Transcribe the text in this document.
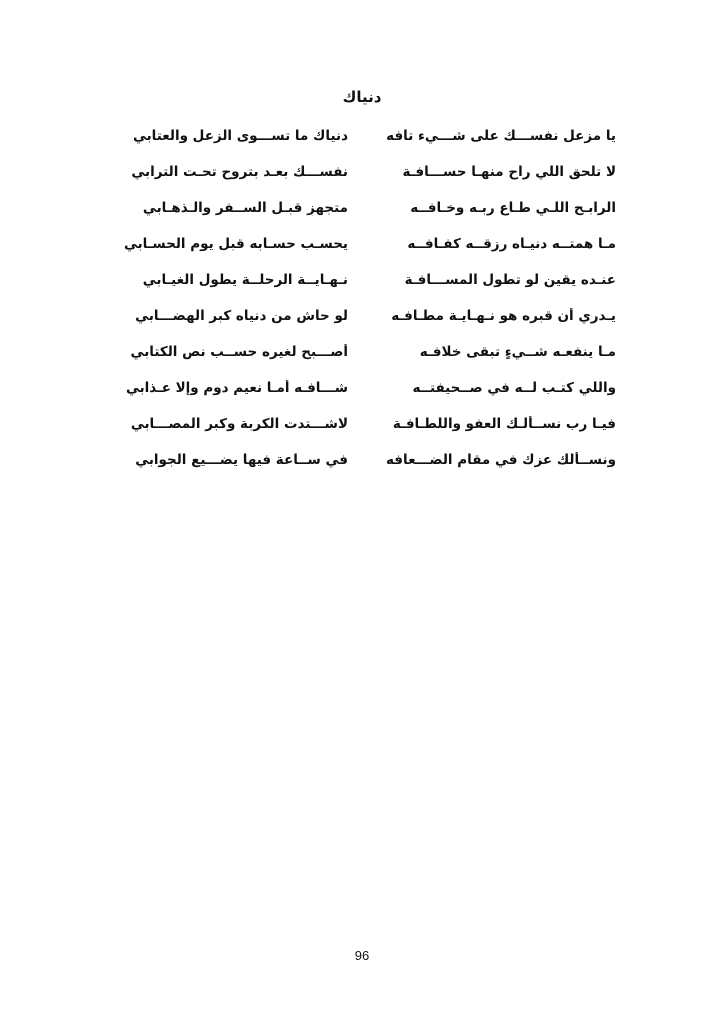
دنياك
يا مزعل نفســـك على شـــيء تافه
دنياك ما تســـوى الزعل والعتابي
لا تلحق اللي راح منهـا حســـافـة
نفســـك بعـد بتروح تحـت الترابي
الرابـح اللـيِ طـاع ربـه وخـافــه
متجهزٍ قبـل الســفر والـذهـابي
مـا همتــه دنيـاه رزقــه كفـافــه
يحسـب حسـابه قبل يوم الحسـابي
عنـده يقينٍ لو تطول المســـافـة
نـهـايــة الرحلــة يطول الغيـابي
يـدري أن قبره هو نـهـايـة مطـافـه
لو حاش من دنياه كبر الهضـــابي
مـا ينفعـه شــيءٍ تبقى خلافـه
أصـــبح لغيره حســب نص الكتابي
واللي كتـب لــه في صــحيفتــه
شـــافـه أمـا نعيم دوم وإلا عـذابي
فيـا رب نســألـك العفو واللطـافـة
لاشـــتدت الكربة وكبر المصـــابي
ونســألك عزك في مقام الضـــعافه
في ســاعة فيها يضـــيع الجوابي
96
